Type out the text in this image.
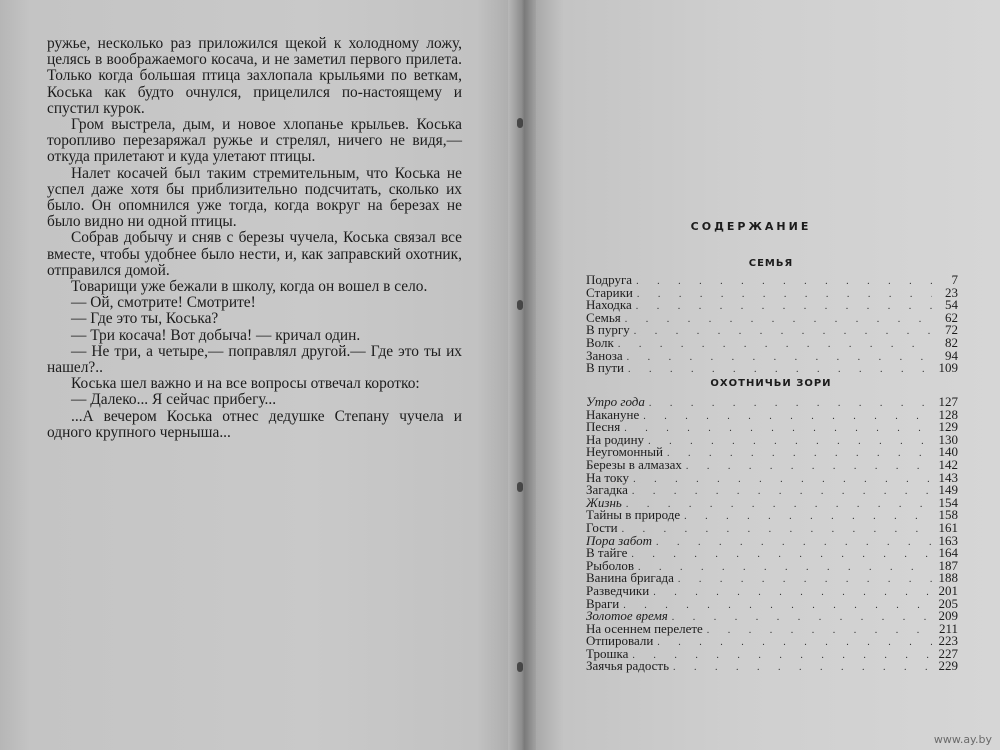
ружье, несколько раз приложился щекой к холодному ложу, целясь в воображаемого косача, и не заметил первого прилета. Только когда большая птица захлопала крыльями по веткам, Коська как будто очнулся, прицелился по-настоящему и спустил курок.

Гром выстрела, дым, и новое хлопанье крыльев. Коська торопливо перезаряжал ружье и стрелял, ничего не видя,— откуда прилетают и куда улетают птицы.

Налет косачей был таким стремительным, что Коська не успел даже хотя бы приблизительно подсчитать, сколько их было. Он опомнился уже тогда, когда вокруг на березах не было видно ни одной птицы.

Собрав добычу и сняв с березы чучела, Коська связал все вместе, чтобы удобнее было нести, и, как заправский охотник, отправился домой.

Товарищи уже бежали в школу, когда он вошел в село.

— Ой, смотрите! Смотрите!

— Где это ты, Коська?

— Три косача! Вот добыча! — кричал один.

— Не три, а четыре,— поправлял другой.— Где это ты их нашел?..

Коська шел важно и на все вопросы отвечал коротко:

— Далеко... Я сейчас прибегу...

...А вечером Коська отнес дедушке Степану чучела и одного крупного черныша...

СОДЕРЖАНИЕ
СЕМЬЯ
Подруга . . .	7
Старики . . .	23
Находка . . .	54
Семья . . .	62
В пургу . . .	72
Волк . . .	82
Заноза . . .	94
В пути . . .	109
ОХОТНИЧЬИ ЗОРИ
Утро года . . .	127
Накануне . . .	128
Песня . . .	129
На родину . . .	130
Неугомонный . . .	140
Березы в алмазах . . .	142
На току . . .	143
Загадка . . .	149
Жизнь . . .	154
Тайны в природе . . .	158
Гости . . .	161
Пора забот . . .	163
В тайге . . .	164
Рыболов . . .	187
Ванина бригада . . .	188
Разведчики . . .	201
Враги . . .	205
Золотое время . . .	209
На осеннем перелете . . .	211
Отпировали . . .	223
Трошка . . .	227
Заячья радость . . .	229
www.ay.by
